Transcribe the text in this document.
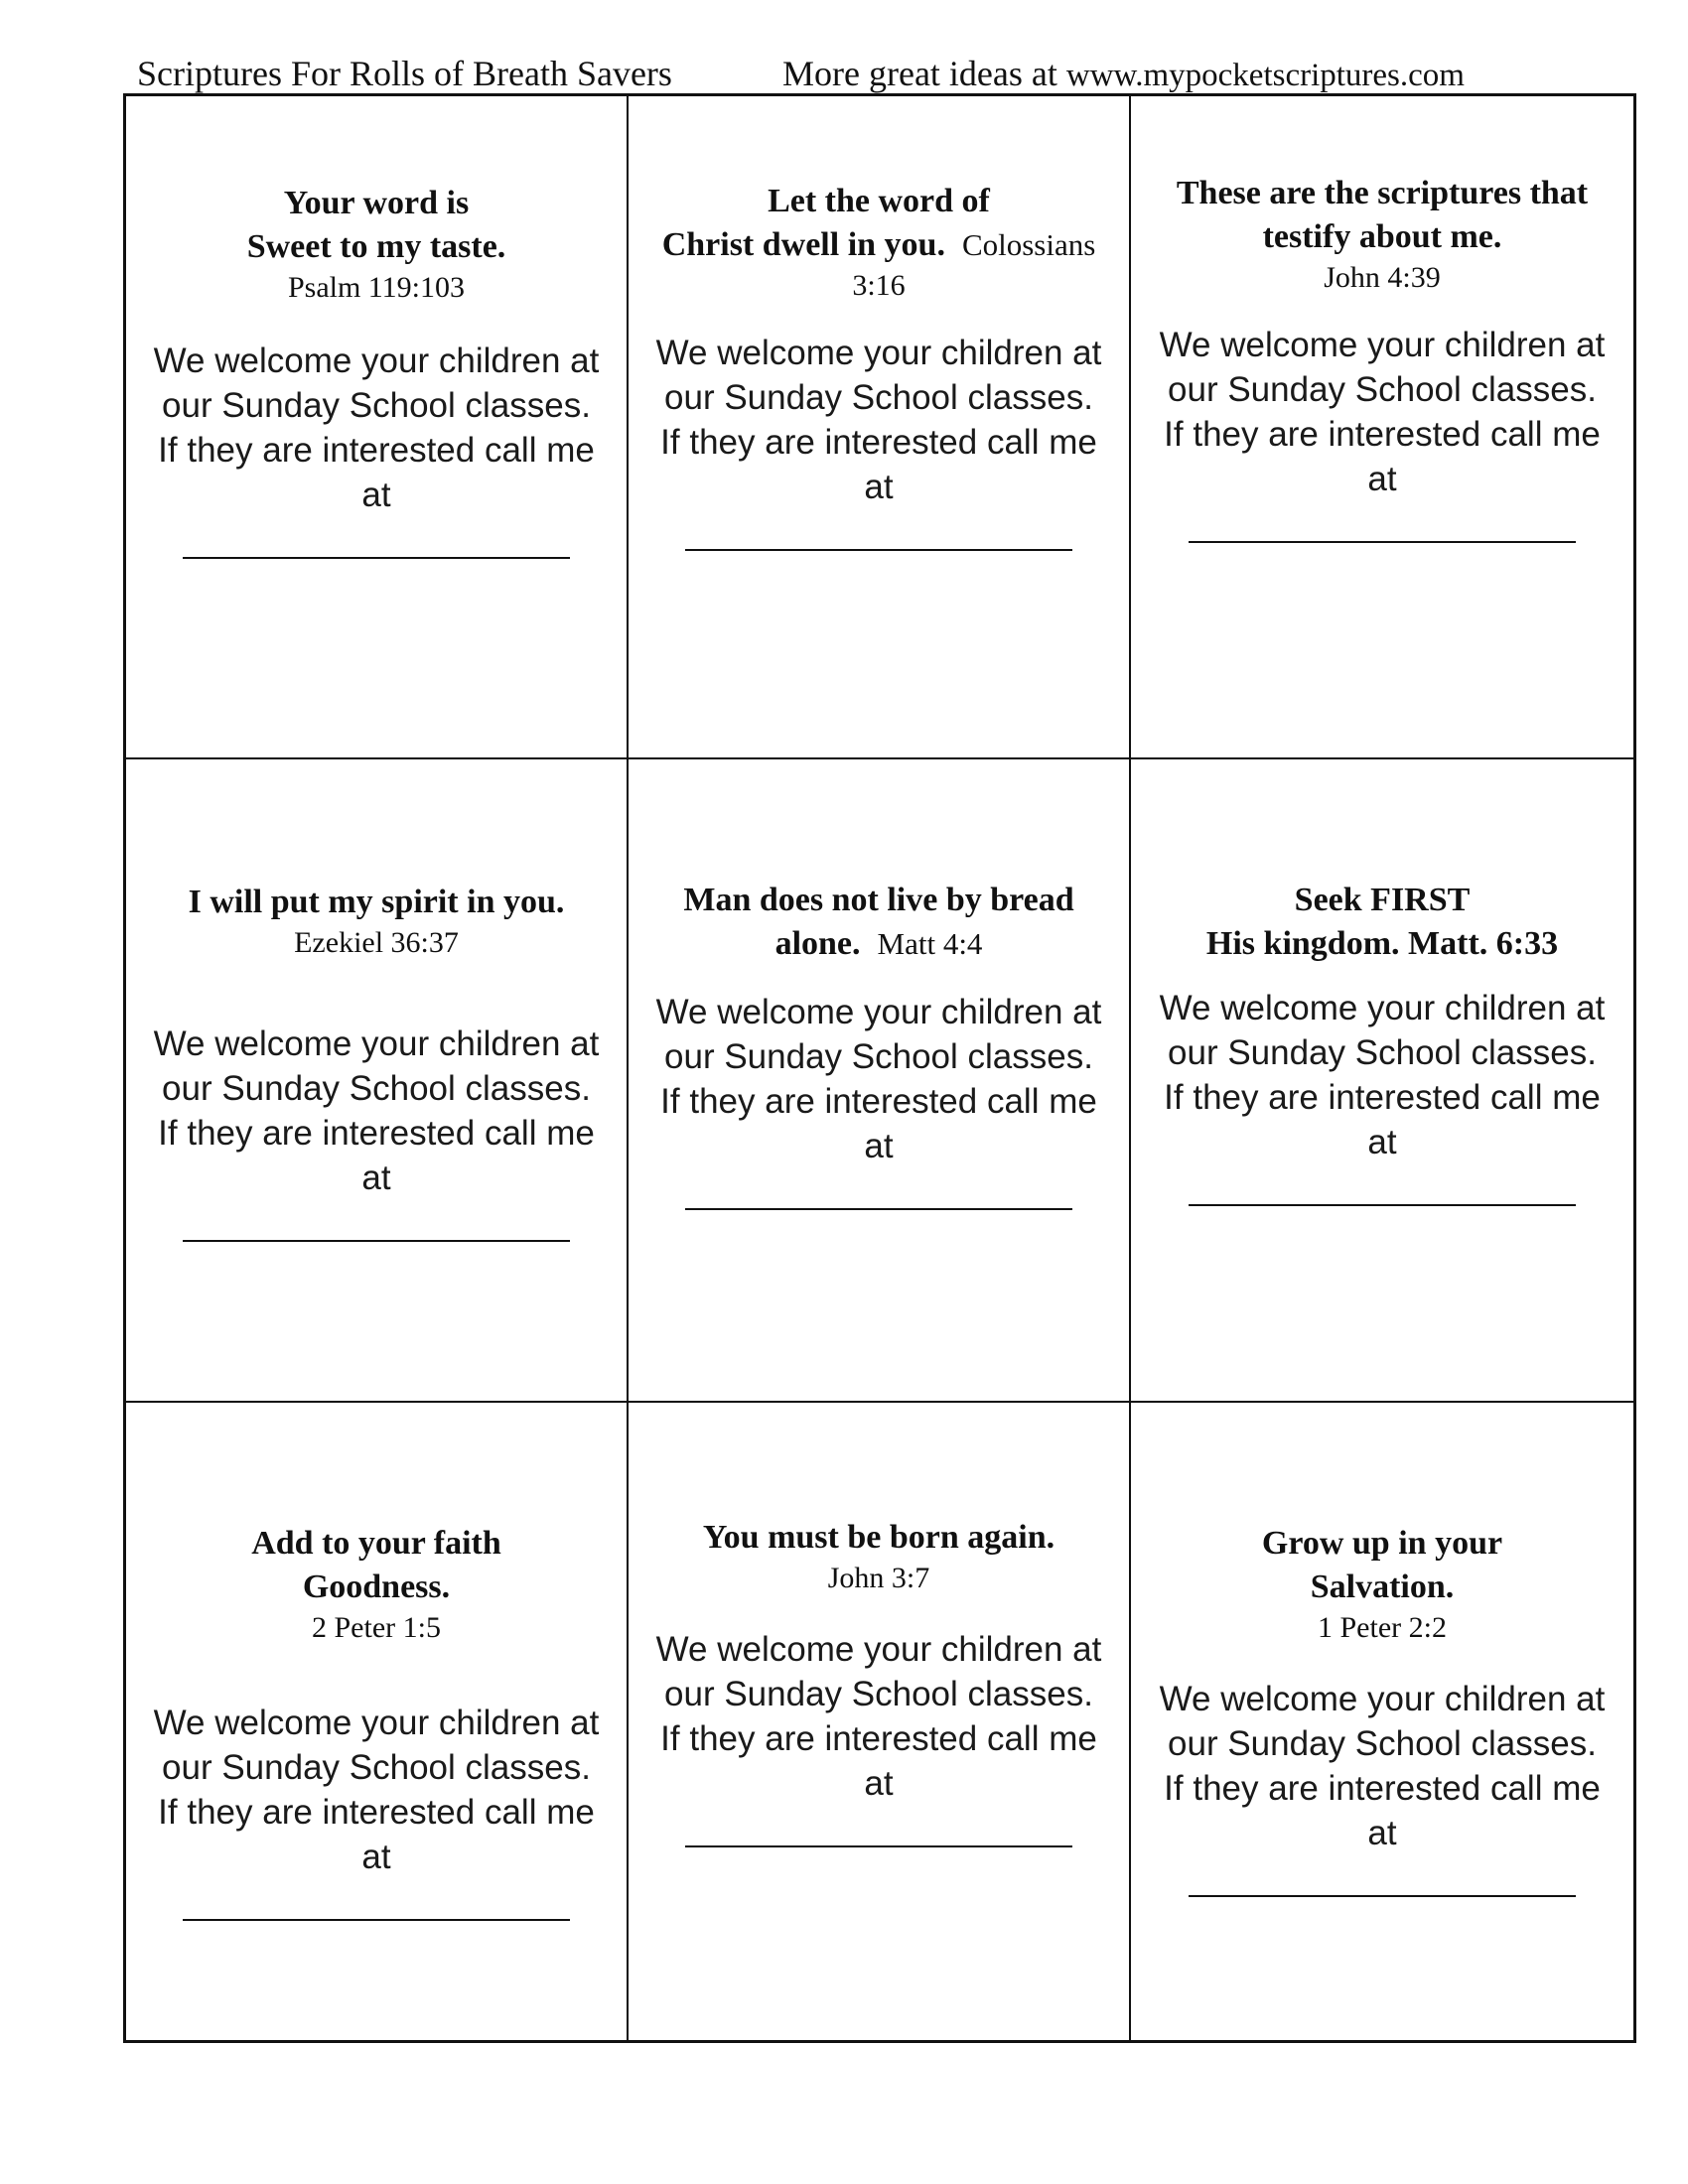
Scriptures For Rolls of Breath Savers	More great ideas at www.mypocketscriptures.com
Your word is
Sweet to my taste.
Psalm 119:103
We welcome your children at
our Sunday School classes.
If they are interested call me
at
Let the word of
Christ dwell in you. Colossians
3:16
We welcome your children at
our Sunday School classes.
If they are interested call me
at
These are the scriptures that
testify about me.
John 4:39
We welcome your children at
our Sunday School classes.
If they are interested call me
at
I will put my spirit in you.
Ezekiel 36:37
We welcome your children at
our Sunday School classes.
If they are interested call me
at
Man does not live by bread
alone. Matt 4:4
We welcome your children at
our Sunday School classes.
If they are interested call me
at
Seek FIRST
His kingdom. Matt. 6:33
We welcome your children at
our Sunday School classes.
If they are interested call me
at
Add to your faith
Goodness.
2 Peter 1:5
We welcome your children at
our Sunday School classes.
If they are interested call me
at
You must be born again.
John 3:7
We welcome your children at
our Sunday School classes.
If they are interested call me
at
Grow up in your
Salvation.
1 Peter 2:2
We welcome your children at
our Sunday School classes.
If they are interested call me
at
